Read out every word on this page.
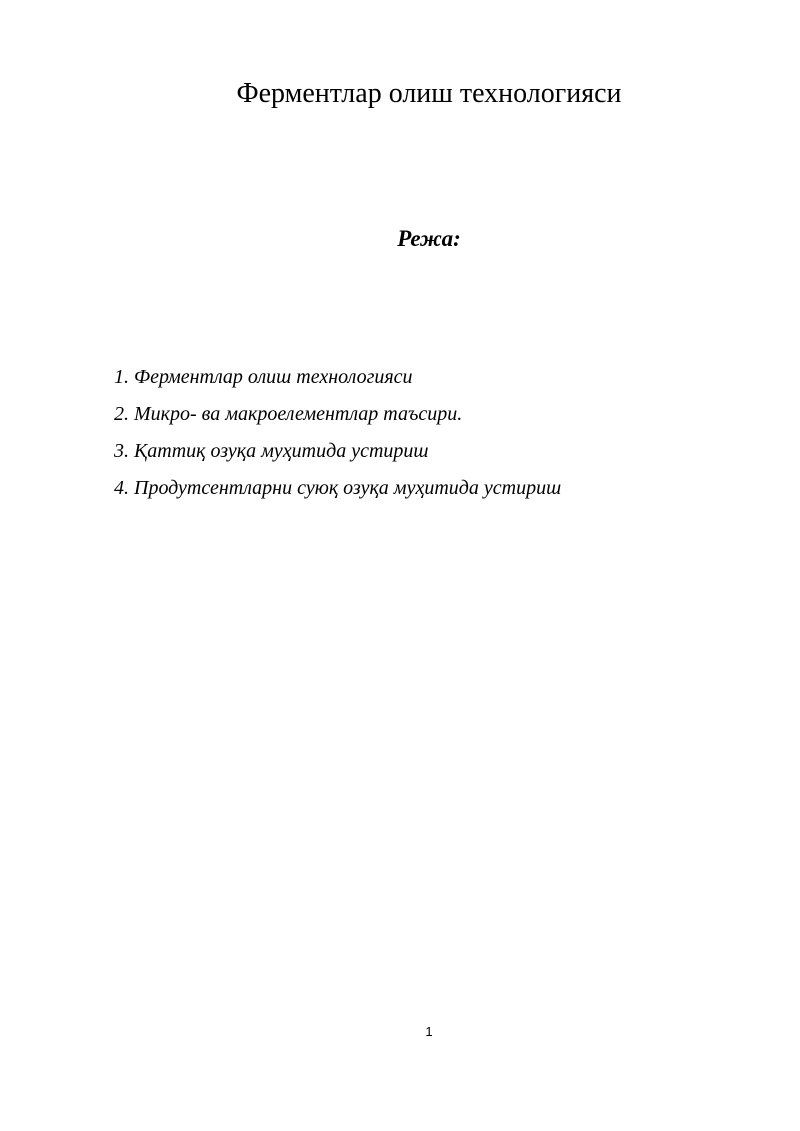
Ферментлар олиш технологияси
Режа:
1. Ферментлар олиш технологияси
2. Микро- ва макроелементлар таъсири.
3. Қаттиқ озуқа муҳитида устириш
4. Продутсентларни суюқ озуқа муҳитида устириш
1
